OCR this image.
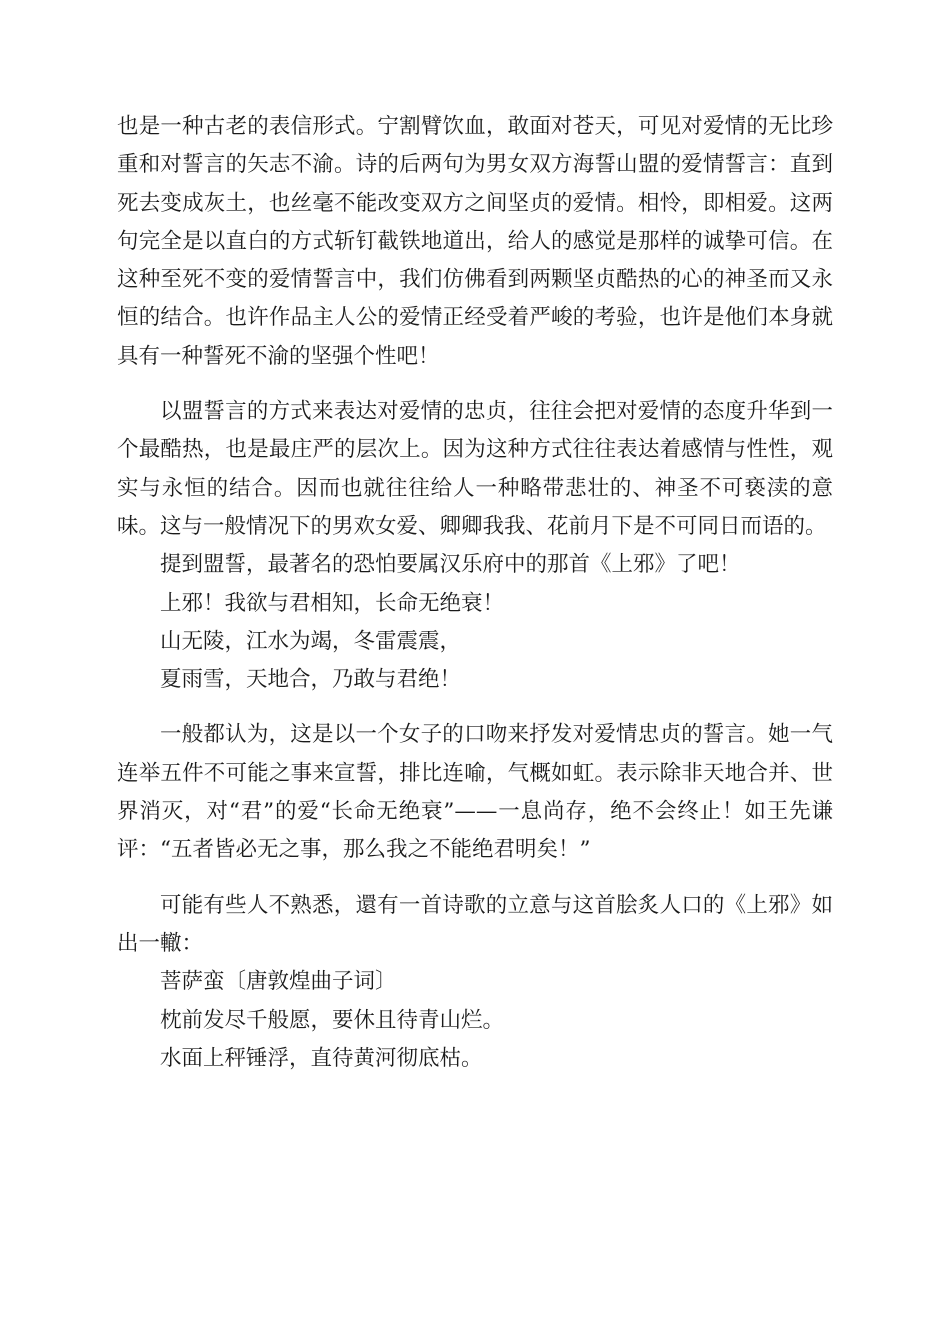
也是一种古老的表信形式。宁割臂饮血，敢面对苍天，可见对爱情的无比珍重和对誓言的矢志不渝。诗的后两句为男女双方海誓山盟的爱情誓言：直到死去变成灰土，也丝毫不能改变双方之间坚贞的爱情。相怜，即相爱。这两句完全是以直白的方式斩钉截铁地道出，给人的感觉是那样的诚挚可信。在这种至死不变的爱情誓言中，我们仿佛看到两颗坚贞酷热的心的神圣而又永恒的结合。也许作品主人公的爱情正经受着严峻的考验，也许是他们本身就具有一种誓死不渝的坚强个性吧！

以盟誓言的方式来表达对爱情的忠贞，往往会把对爱情的态度升华到一个最酷热，也是最庄严的层次上。因为这种方式往往表达着感情与性性，观实与永恒的结合。因而也就往往给人一种略带悲壮的、神圣不可亵渎的意味。这与一般情况下的男欢女爱、卿卿我我、花前月下是不可同日而语的。

提到盟誓，最著名的恐怕要属汉乐府中的那首《上邪》了吧！

上邪！我欲与君相知，长命无绝衰！

山无陵，江水为竭，冬雷震震，

夏雨雪，天地合，乃敢与君绝！

一般都认为，这是以一个女子的口吻来抒发对爱情忠贞的誓言。她一气连举五件不可能之事来宣誓，排比连喻，气概如虹。表示除非天地合并、世界消灭，对“君”的爱“长命无绝衰”——一息尚存，绝不会终止！如王先谦评：“五者皆必无之事，那么我之不能绝君明矣！”

可能有些人不熟悉，還有一首诗歌的立意与这首脍炙人口的《上邪》如出一轍：

菩萨蛮〔唐敦煌曲子词〕

枕前发尽千般愿，要休且待青山烂。

水面上秤锤浮，直待黄河彻底枯。
